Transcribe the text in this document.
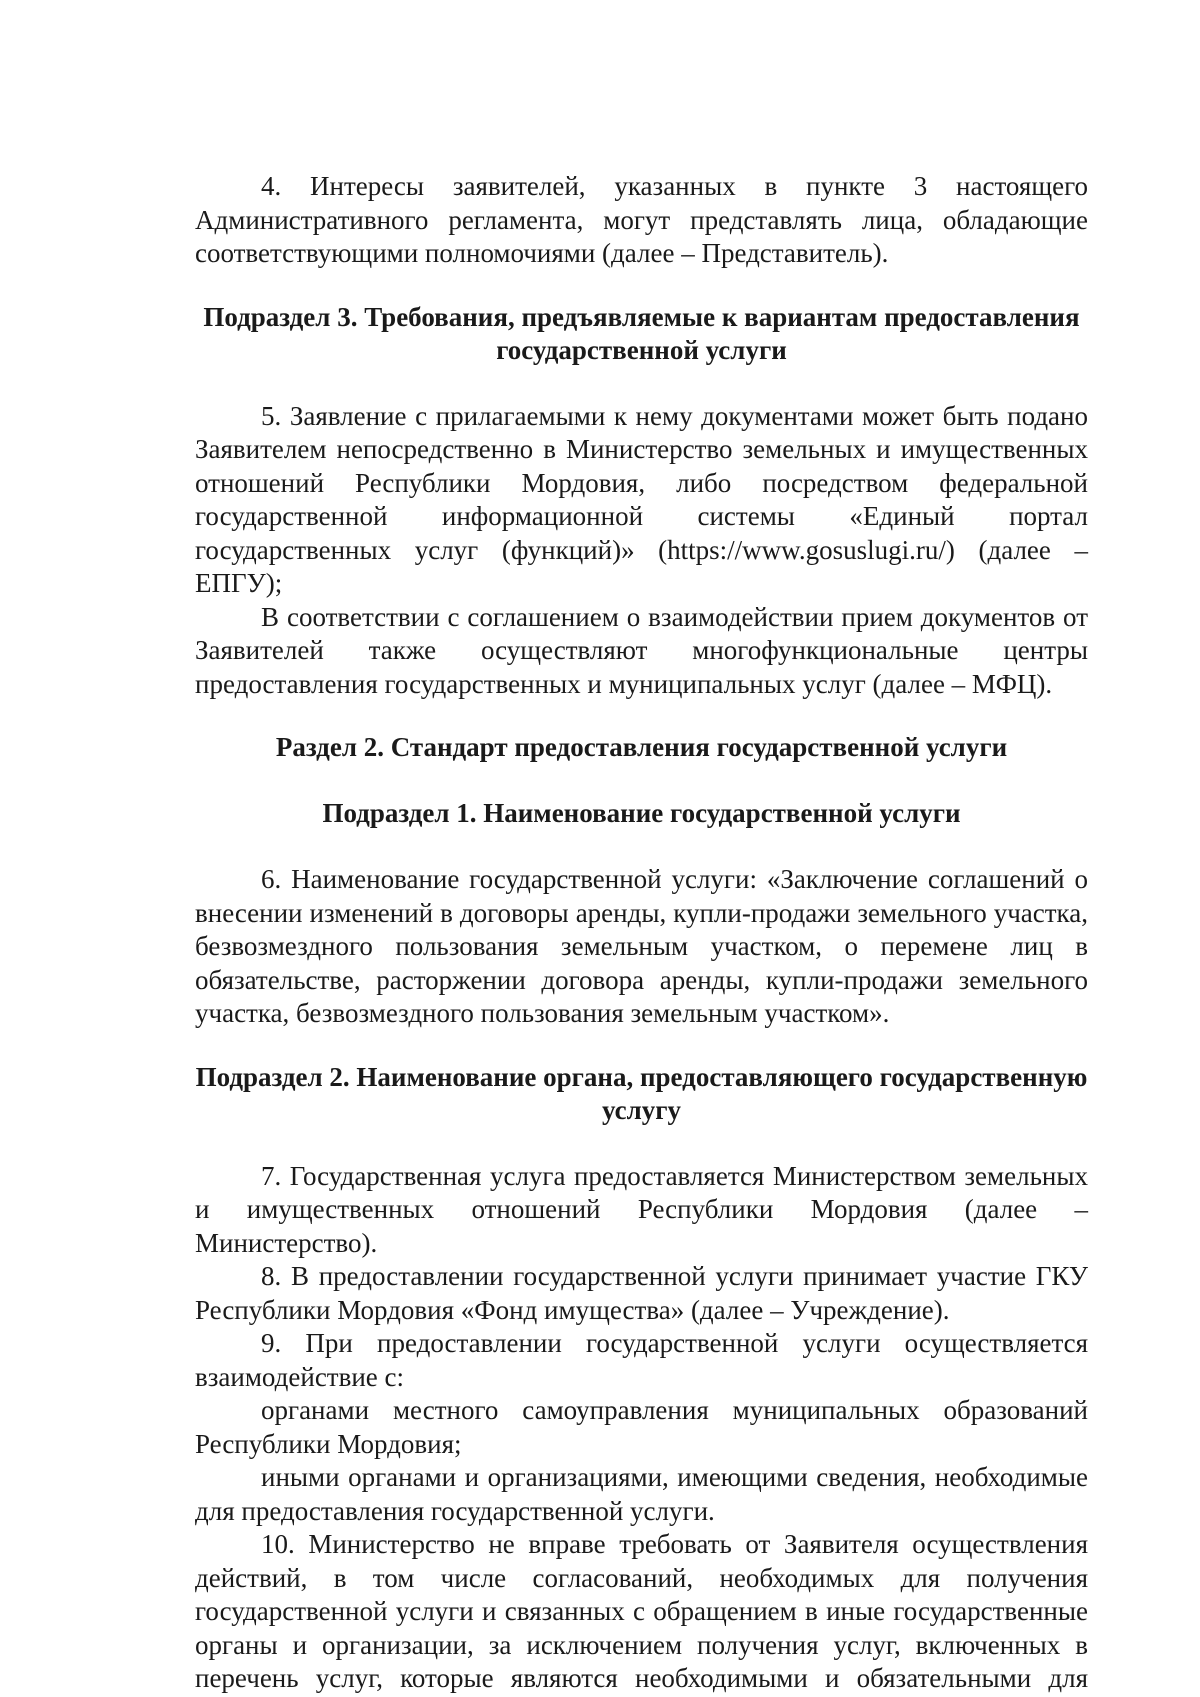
4. Интересы заявителей, указанных в пункте 3 настоящего Административного регламента, могут представлять лица, обладающие соответствующими полномочиями (далее – Представитель).

Подраздел 3. Требования, предъявляемые к вариантам предоставления государственной услуги

5. Заявление с прилагаемыми к нему документами может быть подано Заявителем непосредственно в Министерство земельных и имущественных отношений Республики Мордовия, либо посредством федеральной государственной информационной системы «Единый портал государственных услуг (функций)» (https://www.gosuslugi.ru/) (далее – ЕПГУ);

В соответствии с соглашением о взаимодействии прием документов от Заявителей также осуществляют многофункциональные центры предоставления государственных и муниципальных услуг (далее – МФЦ).

Раздел 2. Стандарт предоставления государственной услуги
Подраздел 1. Наименование государственной услуги

6. Наименование государственной услуги: «Заключение соглашений о внесении изменений в договоры аренды, купли-продажи земельного участка, безвозмездного пользования земельным участком, о перемене лиц в обязательстве, расторжении договора аренды, купли-продажи земельного участка, безвозмездного пользования земельным участком».

Подраздел 2. Наименование органа, предоставляющего государственную услугу

7. Государственная услуга предоставляется Министерством земельных и имущественных отношений Республики Мордовия (далее – Министерство).

8. В предоставлении государственной услуги принимает участие ГКУ Республики Мордовия «Фонд имущества» (далее – Учреждение).

9. При предоставлении государственной услуги осуществляется взаимодействие с:

органами местного самоуправления муниципальных образований Республики Мордовия;

иными органами и организациями, имеющими сведения, необходимые для предоставления государственной услуги.

10. Министерство не вправе требовать от Заявителя осуществления действий, в том числе согласований, необходимых для получения государственной услуги и связанных с обращением в иные государственные органы и организации, за исключением получения услуг, включенных в перечень услуг, которые являются необходимыми и обязательными для
